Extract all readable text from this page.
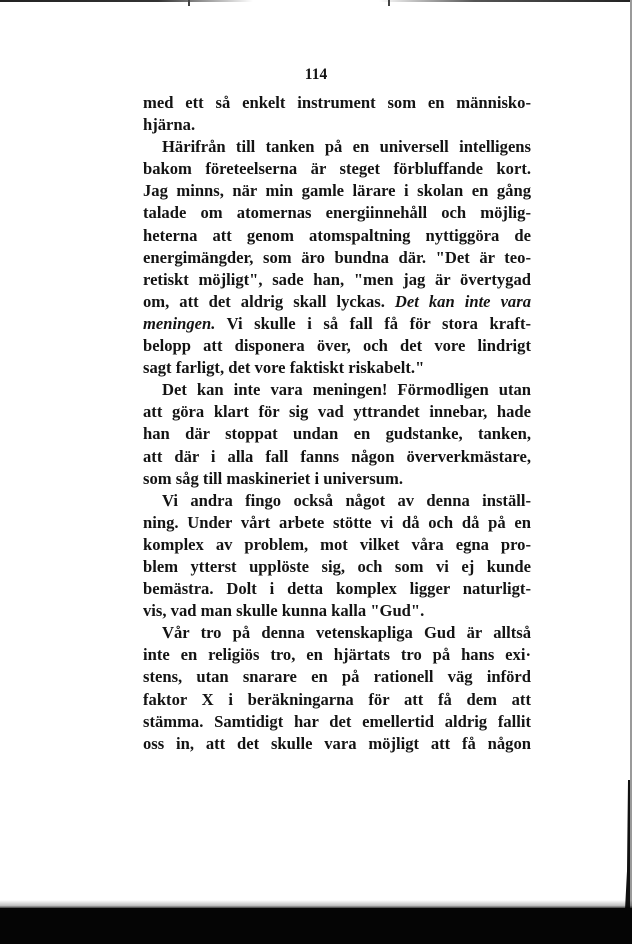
114
med ett så enkelt instrument som en människo-
hjärna.
Härifrån till tanken på en universell intelligens
bakom företeelserna är steget förbluffande kort.
Jag minns, när min gamle lärare i skolan en gång
talade om atomernas energiinnehåll och möjlig-
heterna att genom atomspaltning nyttiggöra de
energimängder, som äro bundna där. "Det är teo-
retiskt möjligt", sade han, "men jag är övertygad
om, att det aldrig skall lyckas. Det kan inte vara
meningen. Vi skulle i så fall få för stora kraft-
belopp att disponera över, och det vore lindrigt
sagt farligt, det vore faktiskt riskabelt."
Det kan inte vara meningen! Förmodligen utan
att göra klart för sig vad yttrandet innebar, hade
han där stoppat undan en gudstanke, tanken,
att där i alla fall fanns någon öververkmästare,
som såg till maskineriet i universum.
Vi andra fingo också något av denna inställ-
ning. Under vårt arbete stötte vi då och då på en
komplex av problem, mot vilket våra egna pro-
blem ytterst upplöste sig, och som vi ej kunde
bemästra. Dolt i detta komplex ligger naturligt-
vis, vad man skulle kunna kalla "Gud".
Vår tro på denna vetenskapliga Gud är alltså
inte en religiös tro, en hjärtats tro på hans exi·
stens, utan snarare en på rationell väg införd
faktor X i beräkningarna för att få dem att
stämma. Samtidigt har det emellertid aldrig fallit
oss in, att det skulle vara möjligt att få någon
